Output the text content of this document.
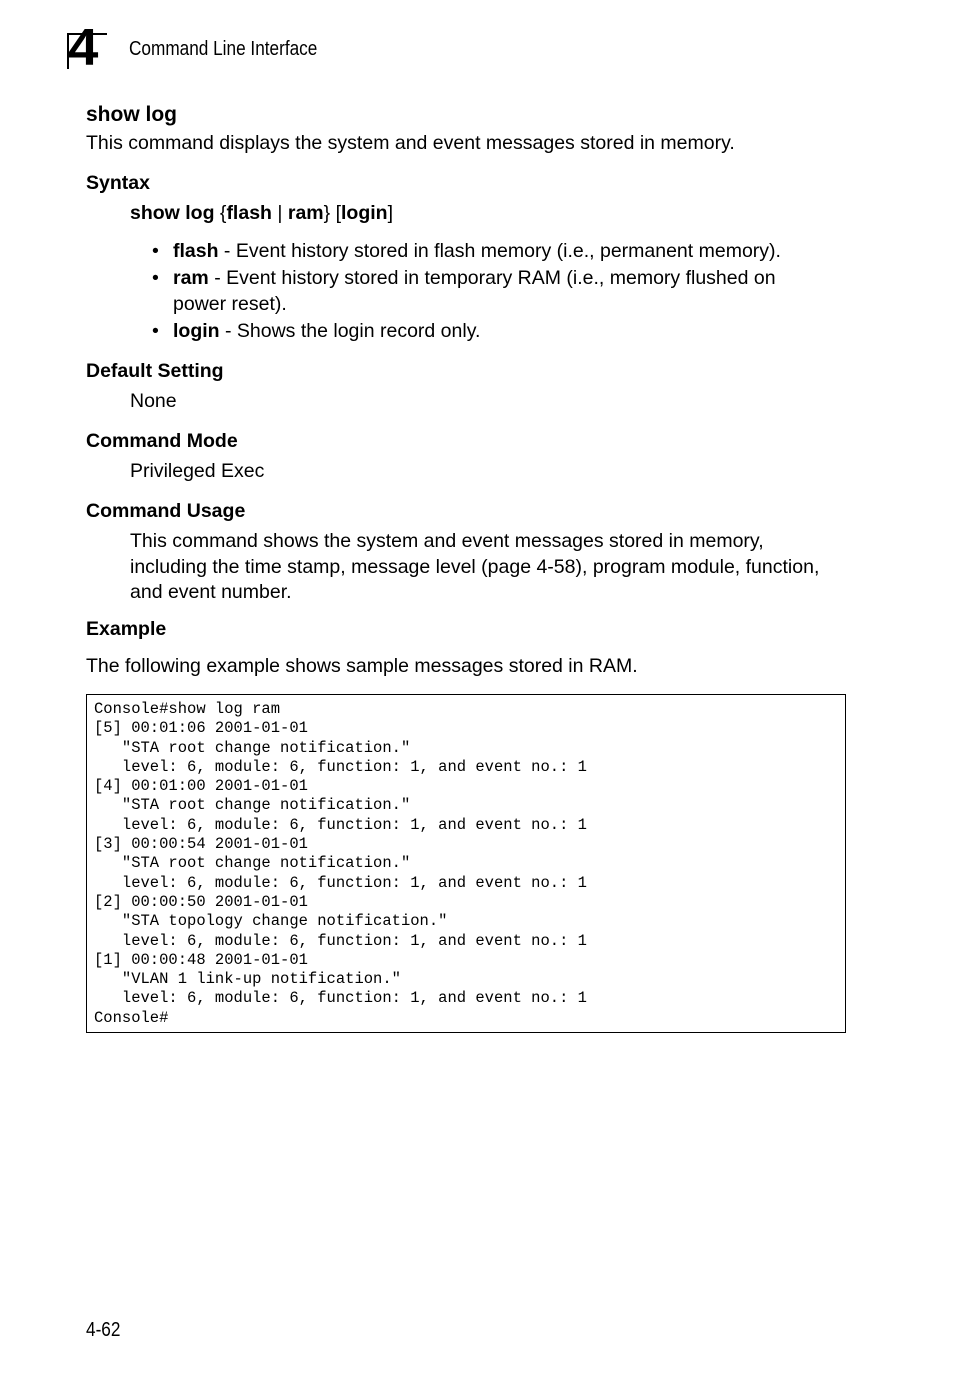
4 Command Line Interface
show log
This command displays the system and event messages stored in memory.
Syntax
show log {flash | ram} [login]
• flash - Event history stored in flash memory (i.e., permanent memory).
• ram - Event history stored in temporary RAM (i.e., memory flushed on power reset).
• login - Shows the login record only.
Default Setting
None
Command Mode
Privileged Exec
Command Usage
This command shows the system and event messages stored in memory, including the time stamp, message level (page 4-58), program module, function, and event number.
Example
The following example shows sample messages stored in RAM.
Console#show log ram
[5] 00:01:06 2001-01-01
"STA root change notification."
level: 6, module: 6, function: 1, and event no.: 1
[4] 00:01:00 2001-01-01
"STA root change notification."
level: 6, module: 6, function: 1, and event no.: 1
[3] 00:00:54 2001-01-01
"STA root change notification."
level: 6, module: 6, function: 1, and event no.: 1
[2] 00:00:50 2001-01-01
"STA topology change notification."
level: 6, module: 6, function: 1, and event no.: 1
[1] 00:00:48 2001-01-01
"VLAN 1 link-up notification."
level: 6, module: 6, function: 1, and event no.: 1
Console#
4-62
